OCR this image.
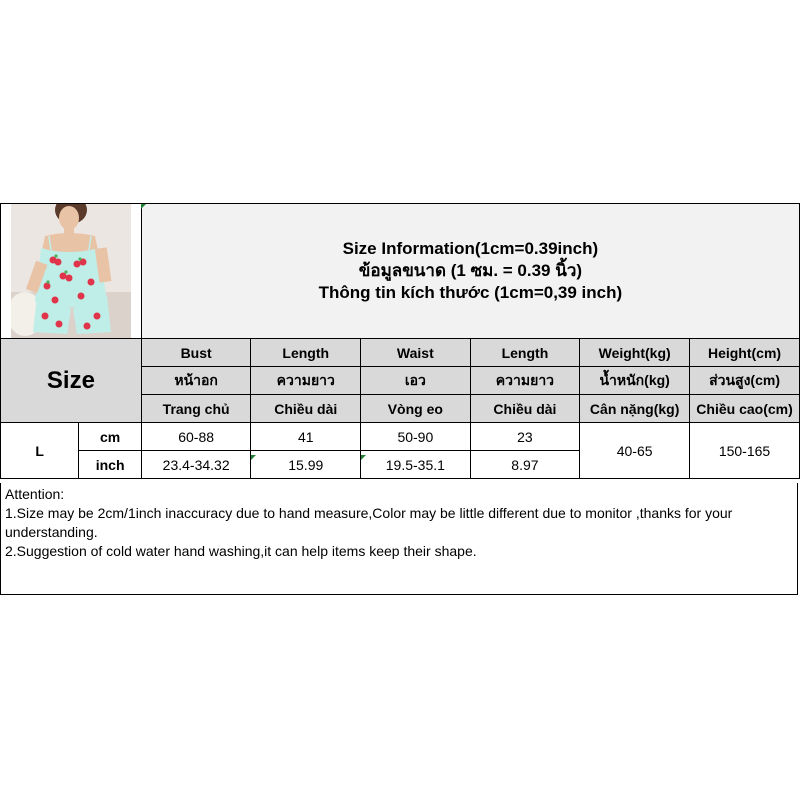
Size Information(1cm=0.39inch)
ข้อมูลขนาด (1 ซม. = 0.39 นิ้ว)
Thông tin kích thước (1cm=0,39 inch)					

Size		Bust	Length	Waist	Length	Weight(kg)	Height(cm)
		หน้าอก	ความยาว	เอว	ความยาว	น้ำหนัก(kg)	ส่วนสูง(cm)
		Trang chủ	Chiều dài	Vòng eo	Chiều dài	Cân nặng(kg)	Chiều cao(cm)
L	cm	60-88	41	50-90	23	40-65	150-165
	inch	23.4-34.32	15.99	19.5-35.1	8.97		

Attention:

1.Size may be 2cm/1inch inaccuracy due to hand measure,Color may be little different due to monitor ,thanks for your understanding.

2.Suggestion of cold water hand washing,it can help items keep their shape.
